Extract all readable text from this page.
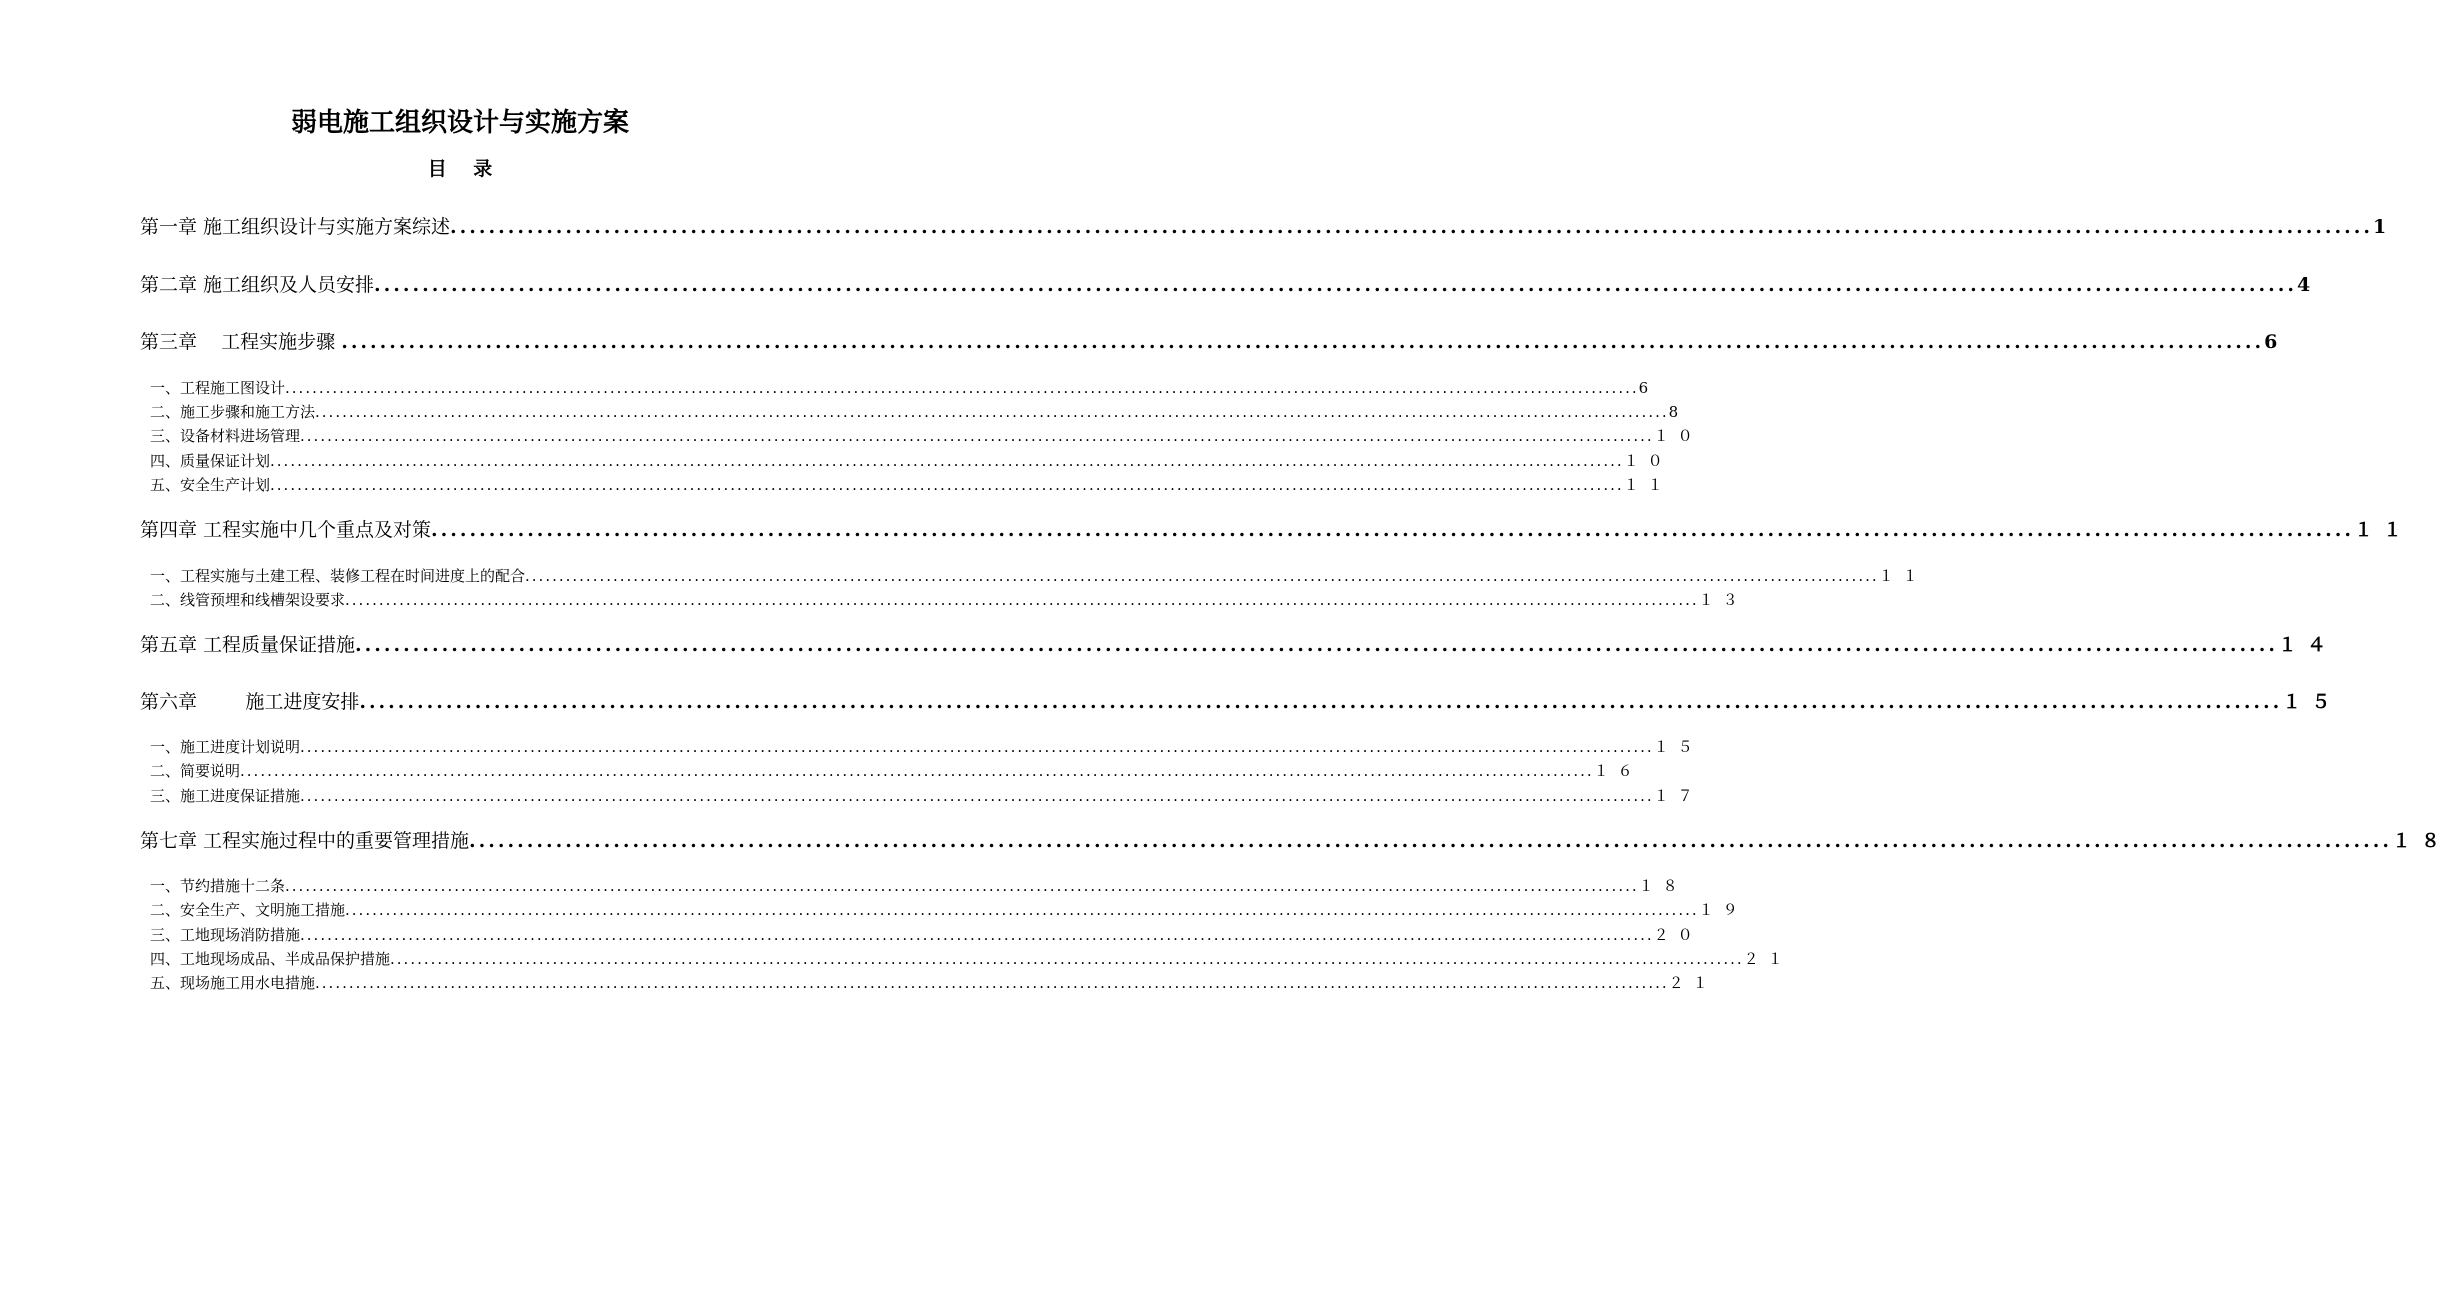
弱电施工组织设计与实施方案
目 录
第一章 施工组织设计与实施方案综述 ........................................................................................................................................................................................................ 1
第二章 施工组织及人员安排 ........................................................................................................................................................................................................ 4
第三章    工程实施步骤 ........................................................................................................................................................................................................ 6
一、工程施工图设计 ........................................................................................................................................................................................................ 6
二、施工步骤和施工方法 ........................................................................................................................................................................................................ 8
三、设备材料进场管理 ........................................................................................................................................................................................................ １０
四、质量保证计划 ........................................................................................................................................................................................................ １０
五、安全生产计划 ........................................................................................................................................................................................................ １１
第四章 工程实施中几个重点及对策 ........................................................................................................................................................................................................ １１
一、工程实施与土建工程、装修工程在时间进度上的配合 ........................................................................................................................................................................................................ １１
二、线管预埋和线槽架设要求 ........................................................................................................................................................................................................ １３
第五章 工程质量保证措施 ........................................................................................................................................................................................................ １４
第六章        施工进度安排 ........................................................................................................................................................................................................ １５
一、施工进度计划说明 ........................................................................................................................................................................................................ １５
二、简要说明 ........................................................................................................................................................................................................ １６
三、施工进度保证措施 ........................................................................................................................................................................................................ １７
第七章 工程实施过程中的重要管理措施 ........................................................................................................................................................................................................ １８
一、节约措施十二条 ........................................................................................................................................................................................................ １８
二、安全生产、文明施工措施 ........................................................................................................................................................................................................ １９
三、工地现场消防措施 ........................................................................................................................................................................................................ ２０
四、工地现场成品、半成品保护措施 ........................................................................................................................................................................................................ ２１
五、现场施工用水电措施 ........................................................................................................................................................................................................ ２１
